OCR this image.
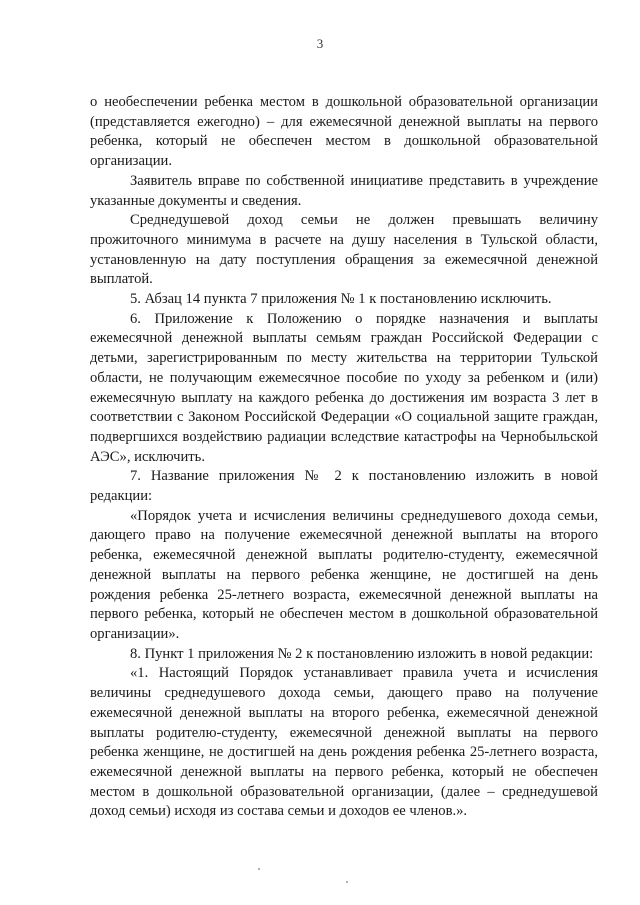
3

о необеспечении ребенка местом в дошкольной образовательной организации (представляется ежегодно) – для ежемесячной денежной выплаты на первого ребенка, который не обеспечен местом в дошкольной образовательной организации.

Заявитель вправе по собственной инициативе представить в учреждение указанные документы и сведения.

Среднедушевой доход семьи не должен превышать величину прожиточного минимума в расчете на душу населения в Тульской области, установленную на дату поступления обращения за ежемесячной денежной выплатой.

5. Абзац 14 пункта 7 приложения № 1 к постановлению исключить.

6. Приложение к Положению о порядке назначения и выплаты ежемесячной денежной выплаты семьям граждан Российской Федерации с детьми, зарегистрированным по месту жительства на территории Тульской области, не получающим ежемесячное пособие по уходу за ребенком и (или) ежемесячную выплату на каждого ребенка до достижения им возраста 3 лет в соответствии с Законом Российской Федерации «О социальной защите граждан, подвергшихся воздействию радиации вследствие катастрофы на Чернобыльской АЭС», исключить.

7. Название приложения № 2 к постановлению изложить в новой редакции:

«Порядок учета и исчисления величины среднедушевого дохода семьи, дающего право на получение ежемесячной денежной выплаты на второго ребенка, ежемесячной денежной выплаты родителю-студенту, ежемесячной денежной выплаты на первого ребенка женщине, не достигшей на день рождения ребенка 25-летнего возраста, ежемесячной денежной выплаты на первого ребенка, который не обеспечен местом в дошкольной образовательной организации».

8. Пункт 1 приложения № 2 к постановлению изложить в новой редакции:

«1. Настоящий Порядок устанавливает правила учета и исчисления величины среднедушевого дохода семьи, дающего право на получение ежемесячной денежной выплаты на второго ребенка, ежемесячной денежной выплаты родителю-студенту, ежемесячной денежной выплаты на первого ребенка женщине, не достигшей на день рождения ребенка 25-летнего возраста, ежемесячной денежной выплаты на первого ребенка, который не обеспечен местом в дошкольной образовательной организации, (далее – среднедушевой доход семьи) исходя из состава семьи и доходов ее членов.».
